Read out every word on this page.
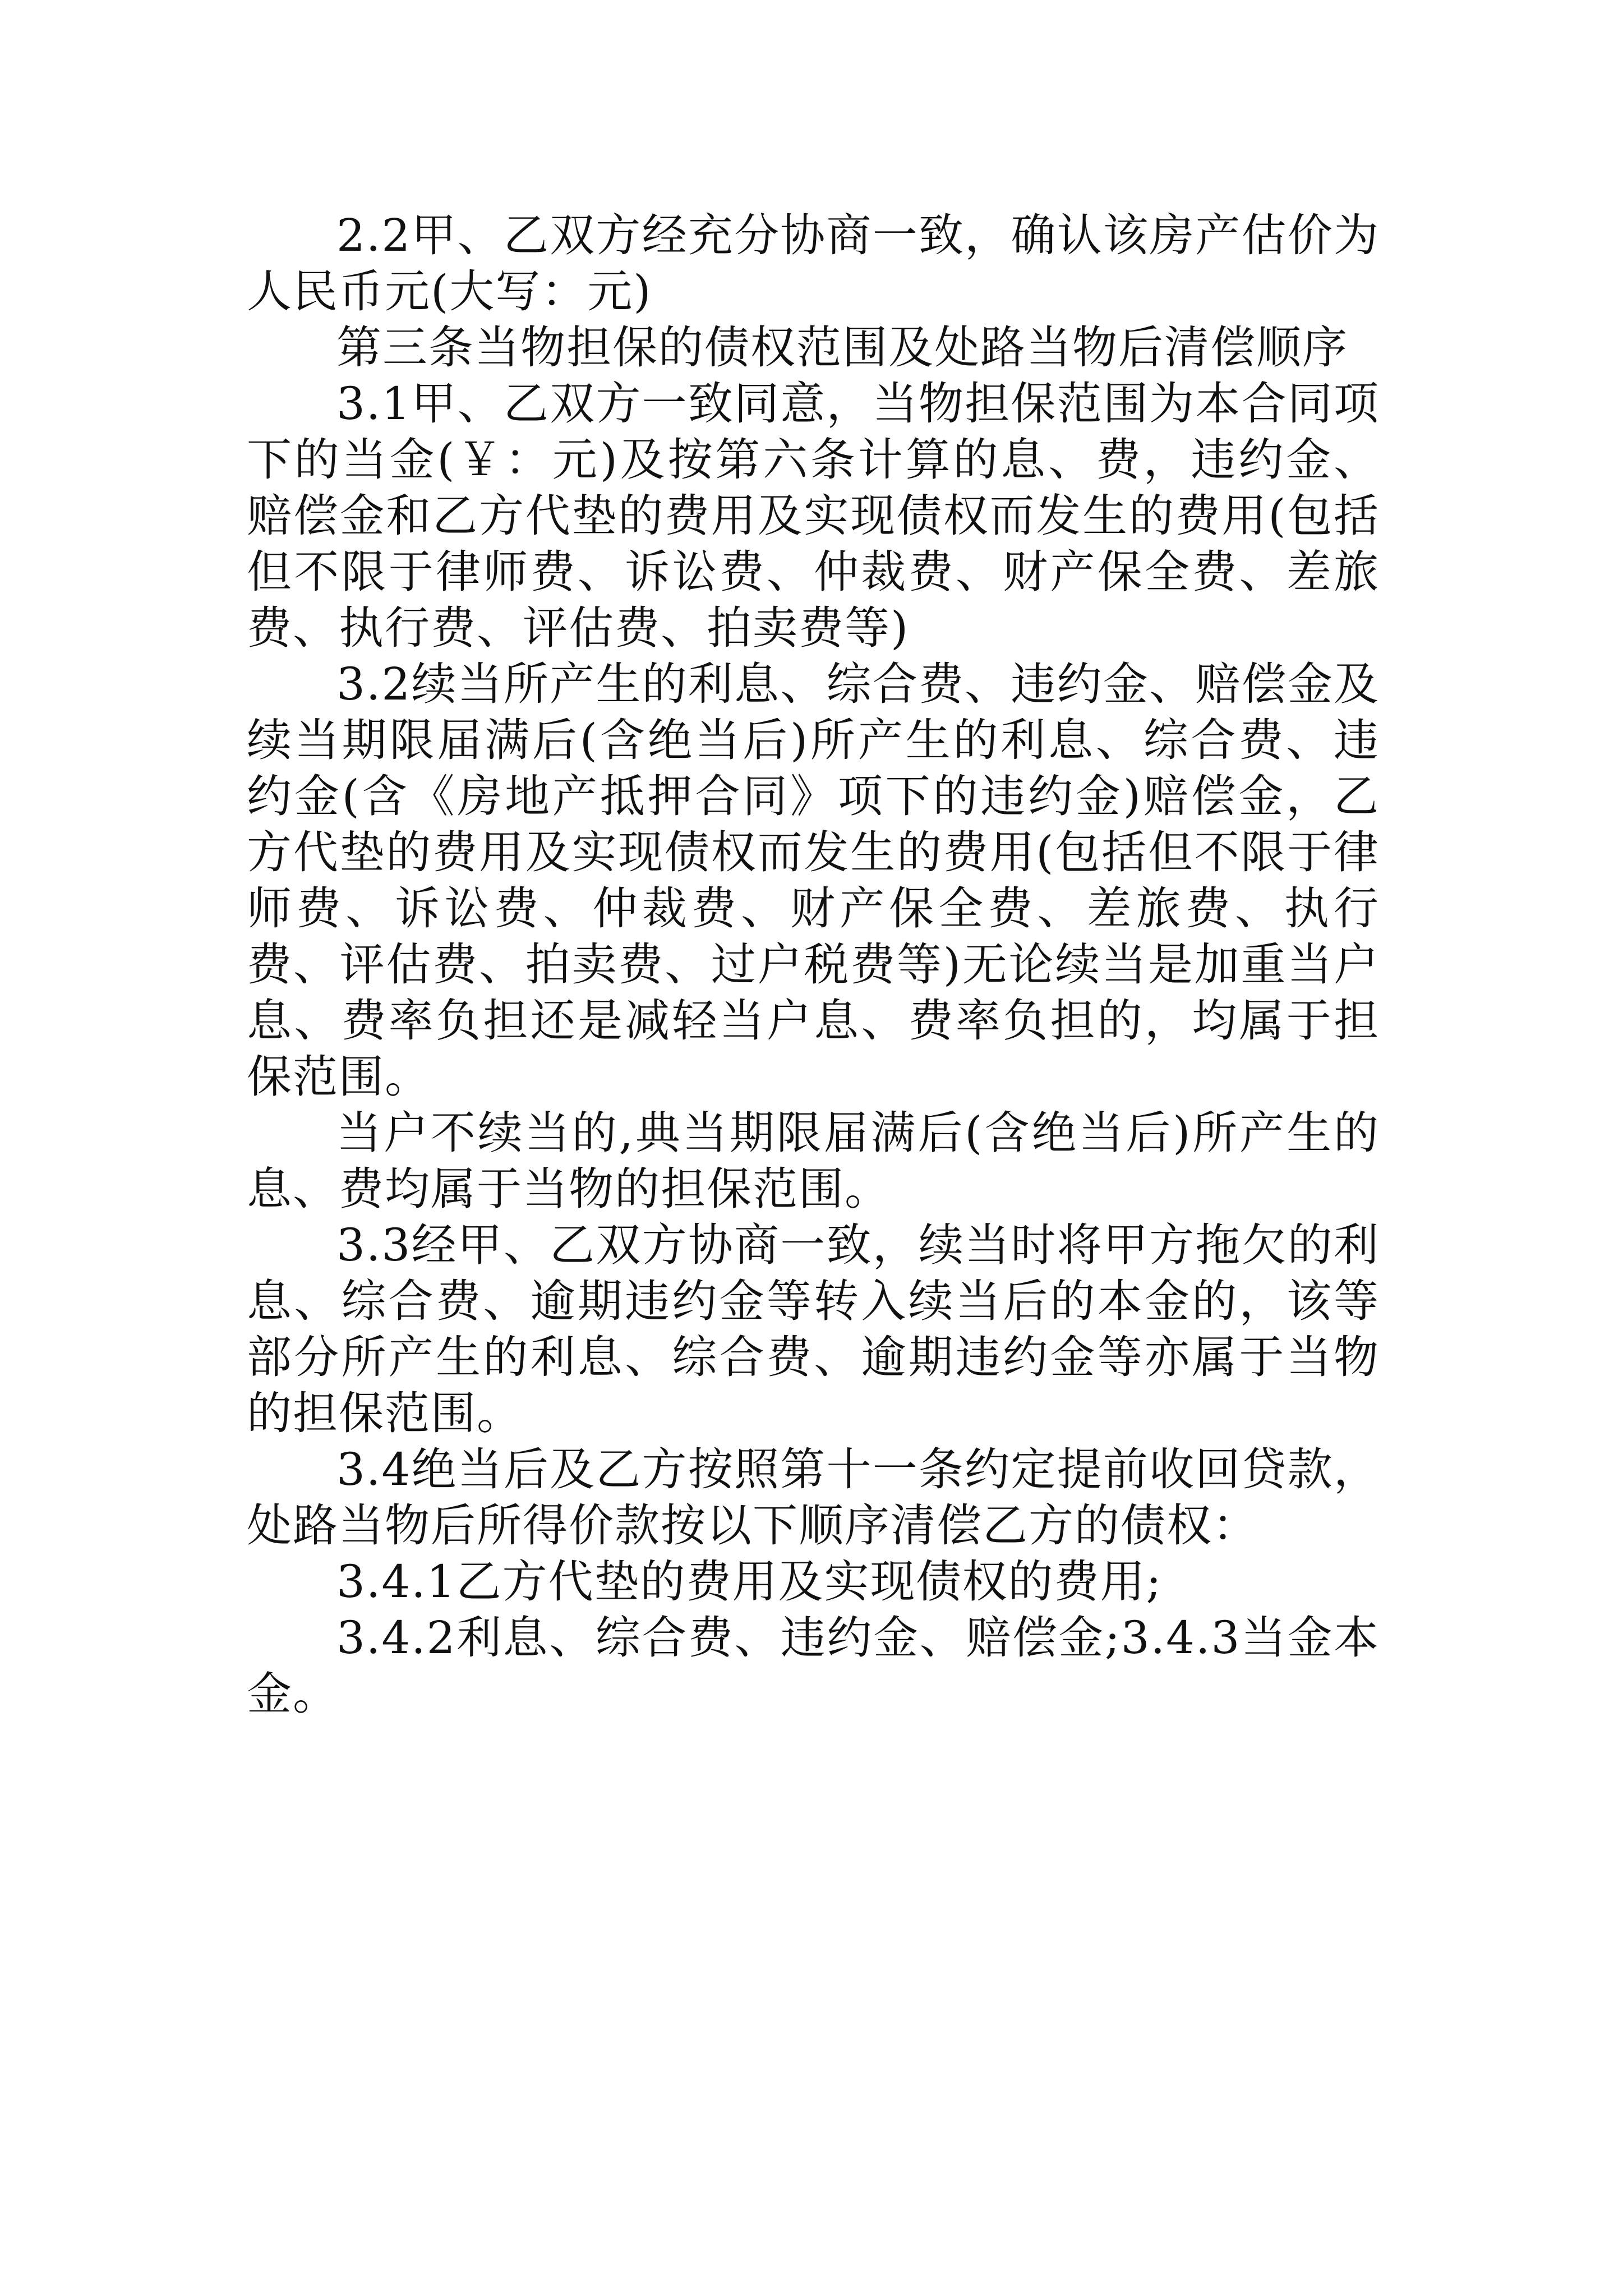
2.2甲、乙双方经充分协商一致，确认该房产估价为人民币元(大写：元)

第三条当物担保的债权范围及处路当物后清偿顺序

3.1甲、乙双方一致同意，当物担保范围为本合同项下的当金(￥：元)及按第六条计算的息、费，违约金、赔偿金和乙方代垫的费用及实现债权而发生的费用(包括但不限于律师费、诉讼费、仲裁费、财产保全费、差旅费、执行费、评估费、拍卖费等)

3.2续当所产生的利息、综合费、违约金、赔偿金及续当期限届满后(含绝当后)所产生的利息、综合费、违约金(含《房地产抵押合同》项下的违约金)赔偿金，乙方代垫的费用及实现债权而发生的费用(包括但不限于律师费、诉讼费、仲裁费、财产保全费、差旅费、执行费、评估费、拍卖费、过户税费等)无论续当是加重当户息、费率负担还是减轻当户息、费率负担的，均属于担保范围。

当户不续当的,典当期限届满后(含绝当后)所产生的息、费均属于当物的担保范围。

3.3经甲、乙双方协商一致，续当时将甲方拖欠的利息、综合费、逾期违约金等转入续当后的本金的，该等部分所产生的利息、综合费、逾期违约金等亦属于当物的担保范围。

3.4绝当后及乙方按照第十一条约定提前收回贷款，处路当物后所得价款按以下顺序清偿乙方的债权：

3.4.1乙方代垫的费用及实现债权的费用;

3.4.2利息、综合费、违约金、赔偿金;3.4.3当金本金。
